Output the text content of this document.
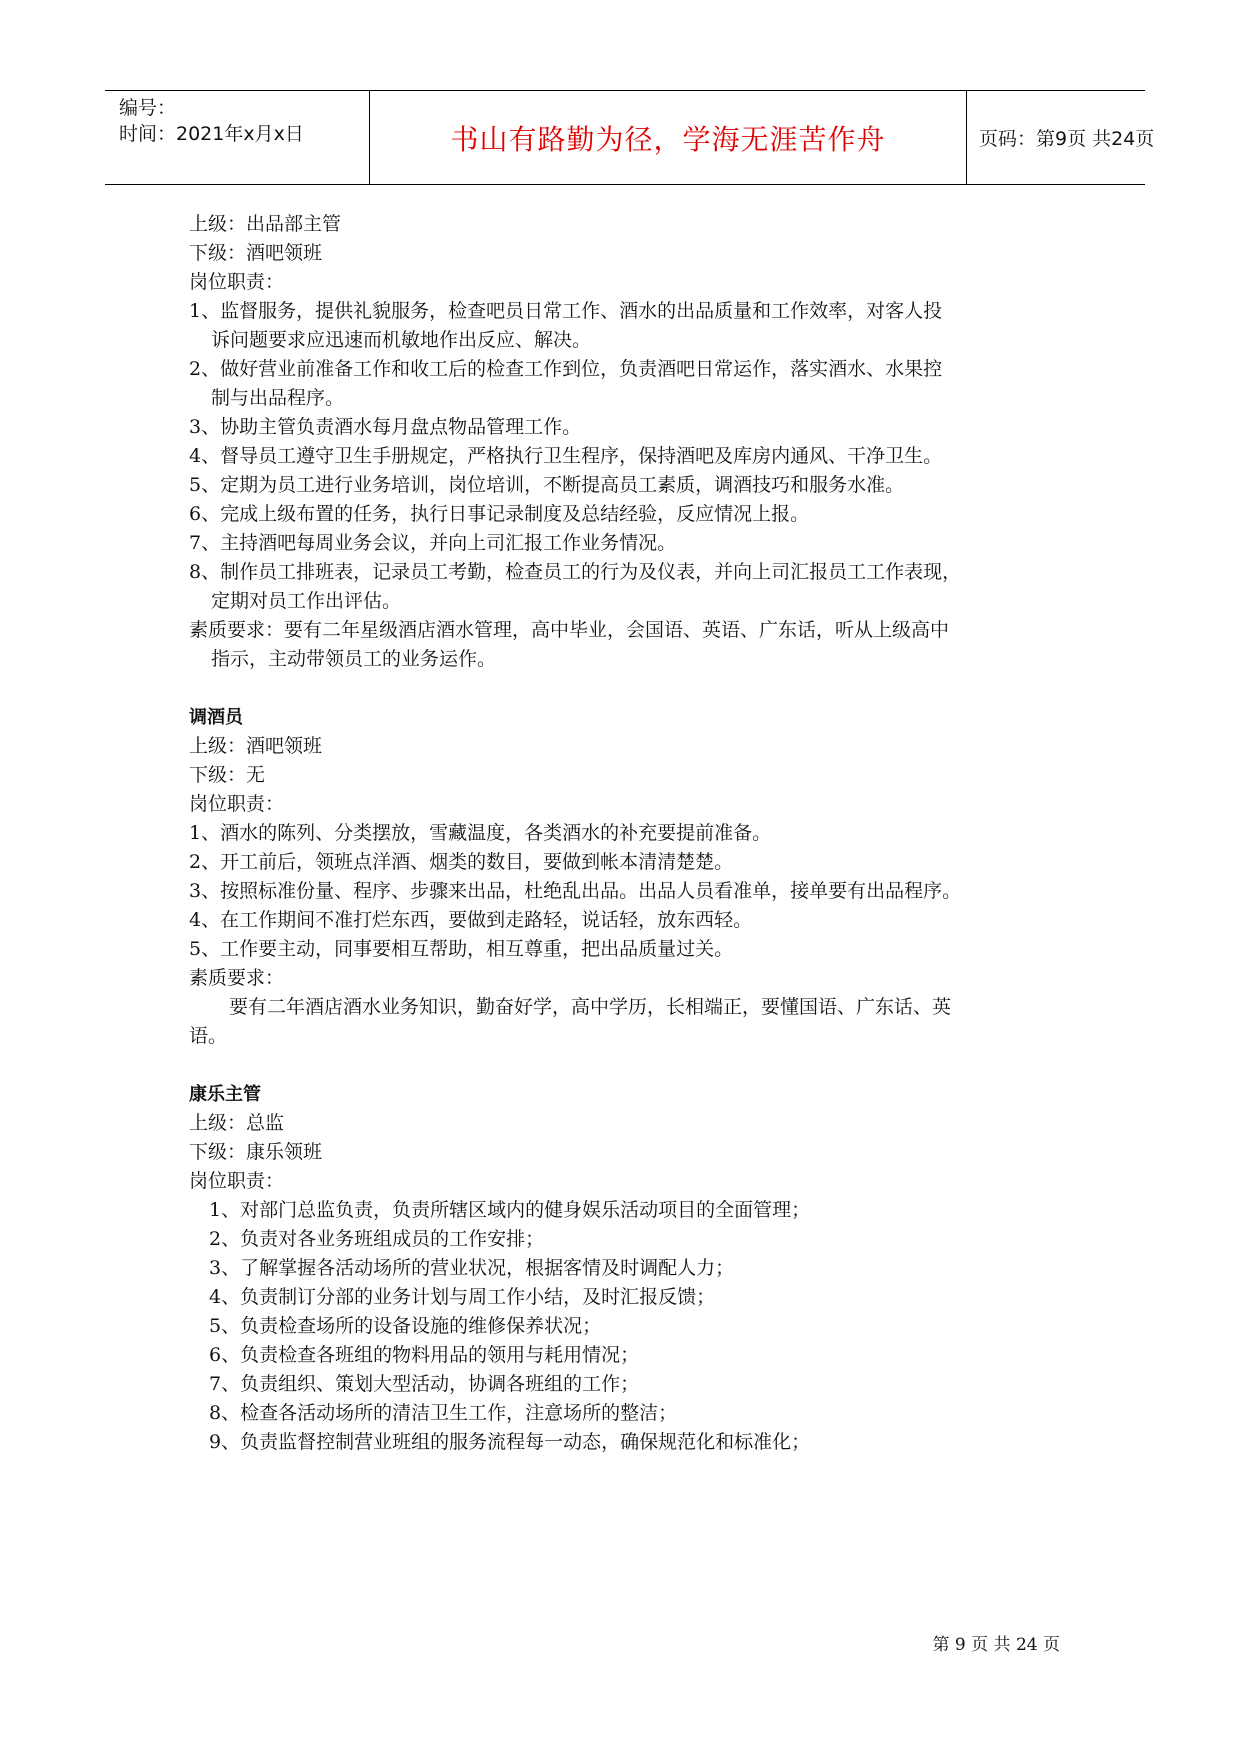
编号：
时间：2021年x月x日	书山有路勤为径，学海无涯苦作舟	页码：第9页 共24页
上级：出品部主管
下级：酒吧领班
岗位职责：
1、监督服务，提供礼貌服务，检查吧员日常工作、酒水的出品质量和工作效率，对客人投
诉问题要求应迅速而机敏地作出反应、解决。
2、做好营业前准备工作和收工后的检查工作到位，负责酒吧日常运作，落实酒水、水果控
制与出品程序。
3、协助主管负责酒水每月盘点物品管理工作。
4、督导员工遵守卫生手册规定，严格执行卫生程序，保持酒吧及库房内通风、干净卫生。
5、定期为员工进行业务培训，岗位培训，不断提高员工素质，调酒技巧和服务水准。
6、完成上级布置的任务，执行日事记录制度及总结经验，反应情况上报。
7、主持酒吧每周业务会议，并向上司汇报工作业务情况。
8、制作员工排班表，记录员工考勤，检查员工的行为及仪表，并向上司汇报员工工作表现，
定期对员工作出评估。
素质要求：要有二年星级酒店酒水管理，高中毕业，会国语、英语、广东话，听从上级高中
指示，主动带领员工的业务运作。
调酒员
上级：酒吧领班
下级：无
岗位职责：
1、酒水的陈列、分类摆放，雪藏温度，各类酒水的补充要提前准备。
2、开工前后，领班点洋酒、烟类的数目，要做到帐本清清楚楚。
3、按照标准份量、程序、步骤来出品，杜绝乱出品。出品人员看准单，接单要有出品程序。
4、在工作期间不准打烂东西，要做到走路轻，说话轻，放东西轻。
5、工作要主动，同事要相互帮助，相互尊重，把出品质量过关。
素质要求：
要有二年酒店酒水业务知识，勤奋好学，高中学历，长相端正，要懂国语、广东话、英
语。
康乐主管
上级：总监
下级：康乐领班
岗位职责：
1、对部门总监负责，负责所辖区域内的健身娱乐活动项目的全面管理；
2、负责对各业务班组成员的工作安排；
3、了解掌握各活动场所的营业状况，根据客情及时调配人力；
4、负责制订分部的业务计划与周工作小结，及时汇报反馈；
5、负责检查场所的设备设施的维修保养状况；
6、负责检查各班组的物料用品的领用与耗用情况；
7、负责组织、策划大型活动，协调各班组的工作；
8、检查各活动场所的清洁卫生工作，注意场所的整洁；
9、负责监督控制营业班组的服务流程每一动态，确保规范化和标准化；
第 9 页 共 24 页
